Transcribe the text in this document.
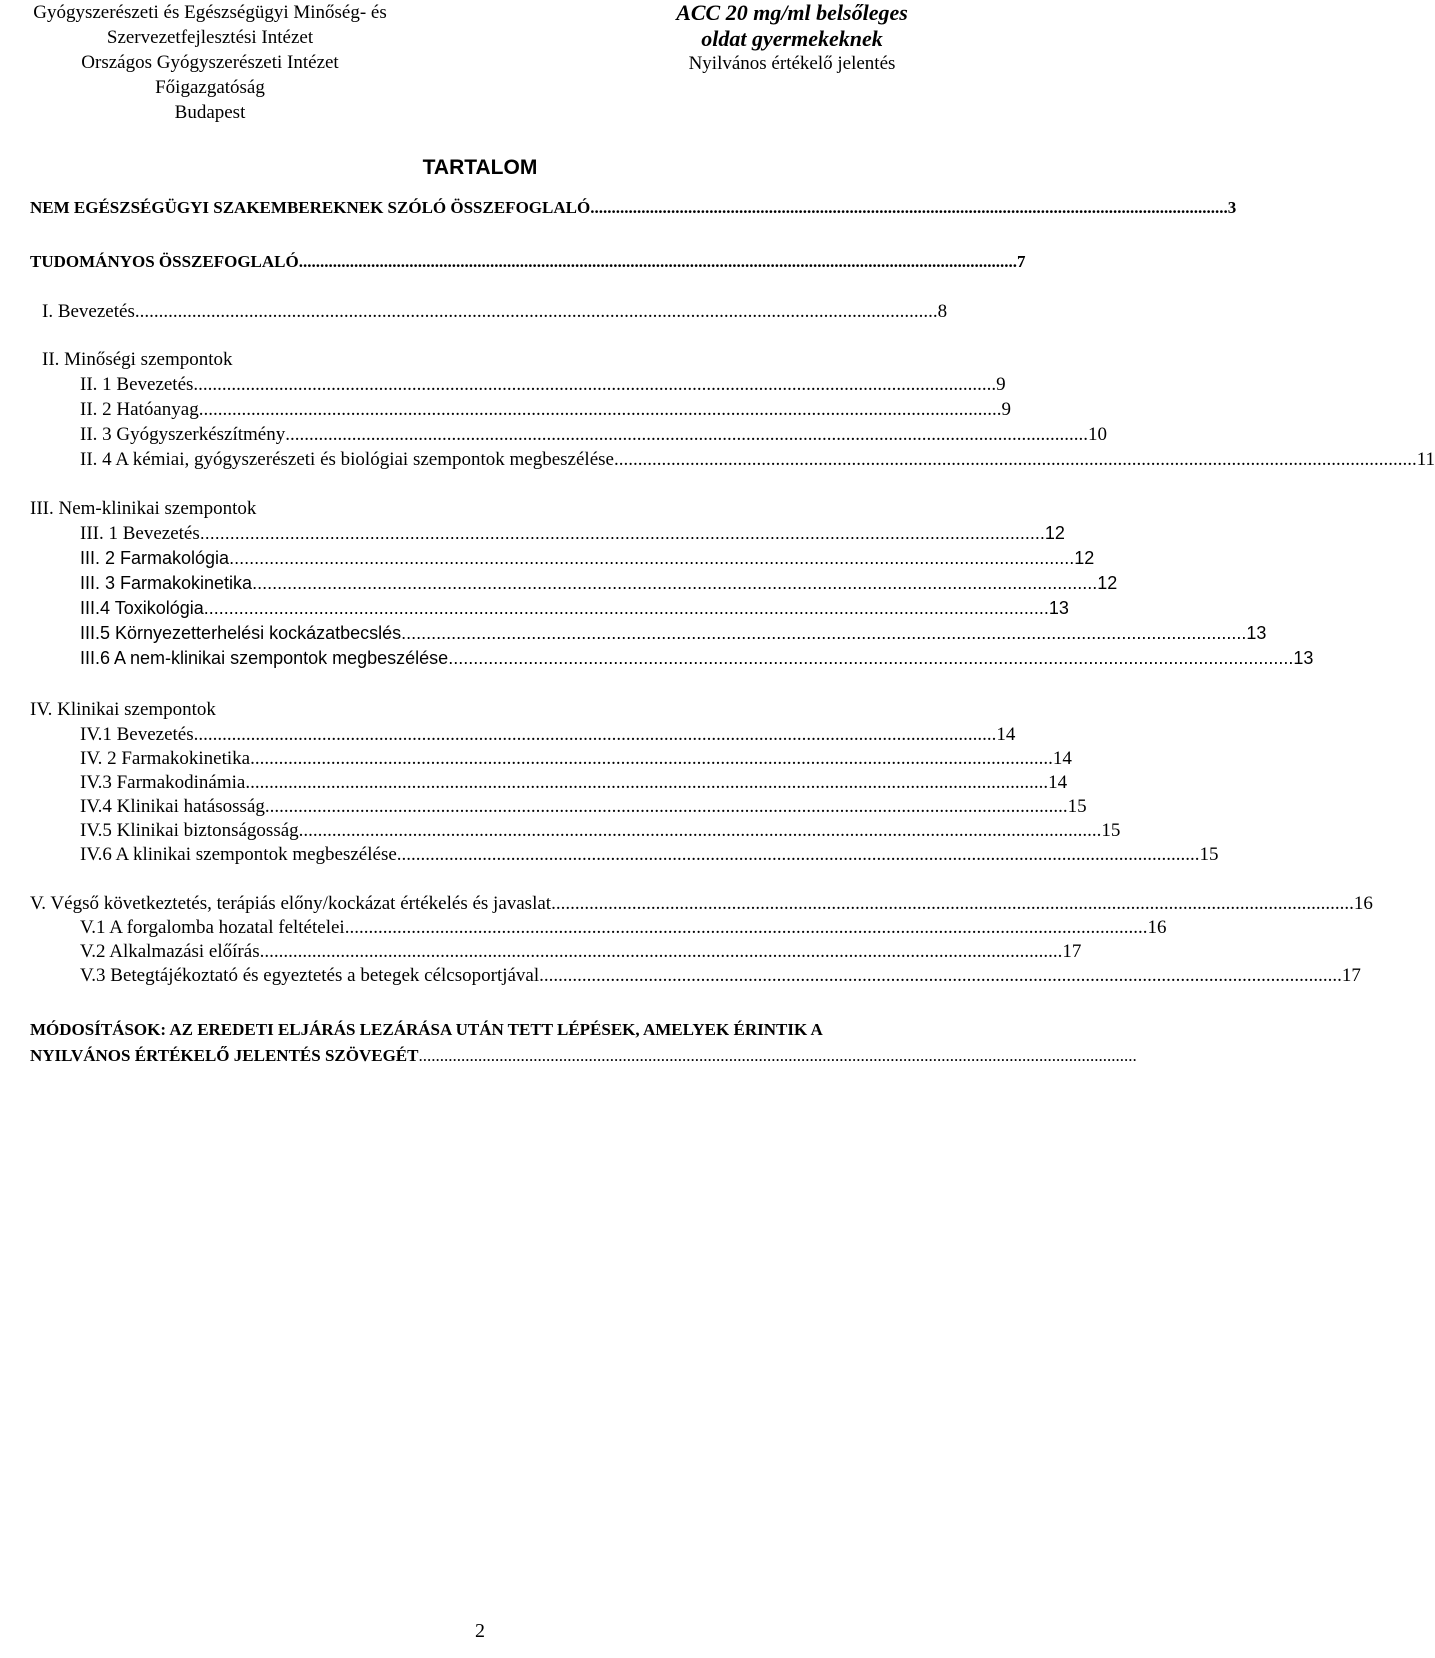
Gyógyszerészeti és Egészségügyi Minőség- és
Szervezetfejlesztési Intézet
Országos Gyógyszerészeti Intézet
Főigazgatóság
Budapest
ACC 20 mg/ml belsőleges
oldat gyermekeknek
Nyilvános értékelő jelentés
TARTALOM
NEM EGÉSZSÉGÜGYI SZAKEMBEREKNEK SZÓLÓ ÖSSZEFOGLALÓ ...................................................................................................................................................... 3
TUDOMÁNYOS ÖSSZEFOGLALÓ ......................................................................................................................................................................... 7
I. Bevezetés ......................................................................................................................................................................... 8
II. Minőségi szempontok
II. 1 Bevezetés ......................................................................................................................................................................... 9
II. 2 Hatóanyag ......................................................................................................................................................................... 9
II. 3 Gyógyszerkészítmény ......................................................................................................................................................................... 10
II. 4 A kémiai, gyógyszerészeti és biológiai szempontok megbeszélése ......................................................................................................................................................................... 11
III. Nem-klinikai szempontok
III. 1 Bevezetés ......................................................................................................................................................................... 12
III. 2 Farmakológia ......................................................................................................................................................................... 12
III. 3 Farmakokinetika ......................................................................................................................................................................... 12
III.4 Toxikológia ......................................................................................................................................................................... 13
III.5 Környezetterhelési kockázatbecslés ......................................................................................................................................................................... 13
III.6 A nem-klinikai szempontok megbeszélése ......................................................................................................................................................................... 13
IV. Klinikai szempontok
IV.1 Bevezetés ......................................................................................................................................................................... 14
IV. 2 Farmakokinetika ......................................................................................................................................................................... 14
IV.3 Farmakodinámia ......................................................................................................................................................................... 14
IV.4 Klinikai hatásosság ......................................................................................................................................................................... 15
IV.5 Klinikai biztonságosság ......................................................................................................................................................................... 15
IV.6 A klinikai szempontok megbeszélése ......................................................................................................................................................................... 15
V. Végső következtetés, terápiás előny/kockázat értékelés és javaslat ......................................................................................................................................................................... 16
V.1 A forgalomba hozatal feltételei ......................................................................................................................................................................... 16
V.2 Alkalmazási előírás ......................................................................................................................................................................... 17
V.3 Betegtájékoztató és egyeztetés a betegek célcsoportjával ......................................................................................................................................................................... 17
MÓDOSÍTÁSOK: AZ EREDETI ELJÁRÁS LEZÁRÁSA UTÁN TETT LÉPÉSEK, AMELYEK ÉRINTIK A
NYILVÁNOS ÉRTÉKELŐ JELENTÉS SZÖVEGÉT .........................................................................................................................................................................
2
